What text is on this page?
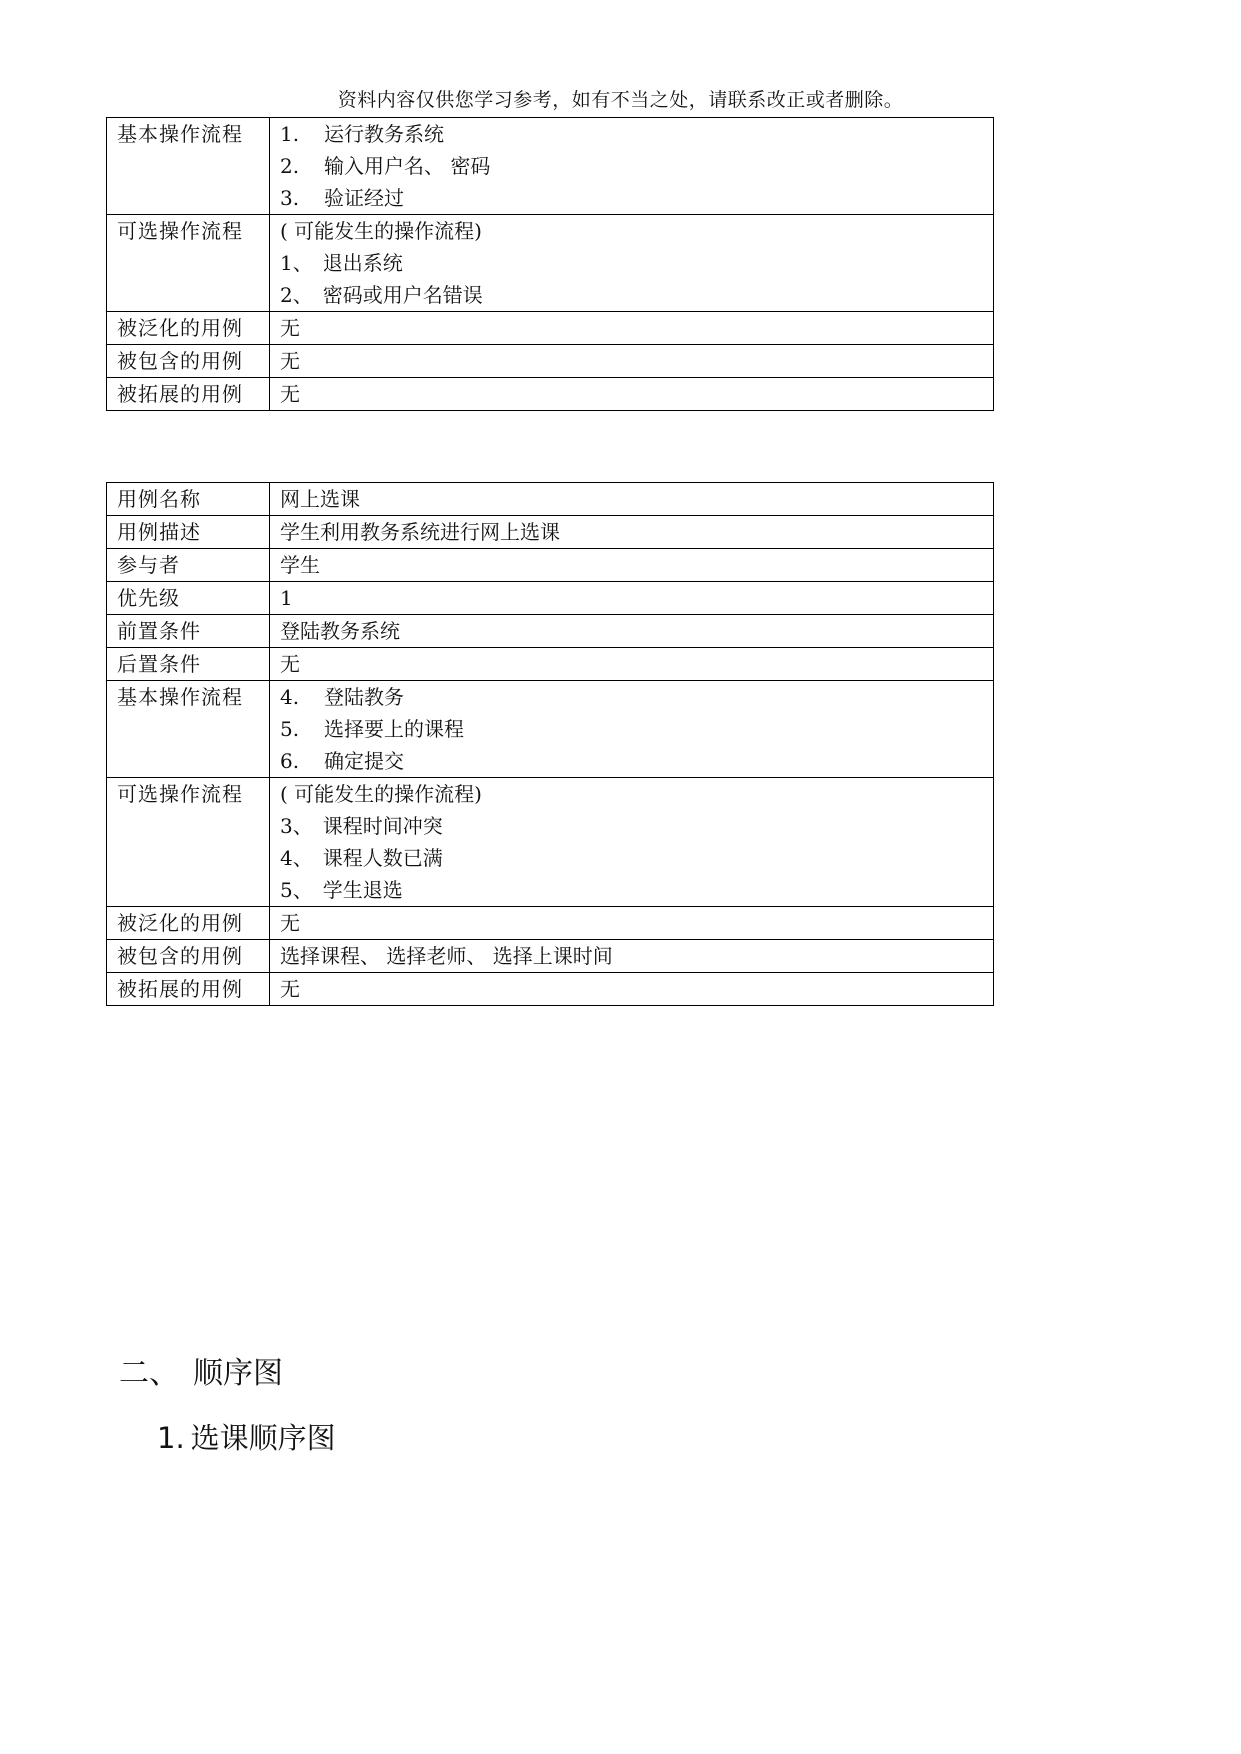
资料内容仅供您学习参考，如有不当之处，请联系改正或者删除。
基本操作流程	1. 运行教务系统
2. 输入用户名、 密码
3. 验证经过

可选操作流程	( 可能发生的操作流程)
1、 退出系统
2、 密码或用户名错误

被泛化的用例	无

被包含的用例	无

被拓展的用例	无
用例名称	网上选课

用例描述	学生利用教务系统进行网上选课

参与者	学生

优先级	1

前置条件	登陆教务系统

后置条件	无

基本操作流程	4. 登陆教务
5. 选择要上的课程
6. 确定提交

可选操作流程	( 可能发生的操作流程)
3、 课程时间冲突
4、 课程人数已满
5、 学生退选

被泛化的用例	无

被包含的用例	选择课程、 选择老师、 选择上课时间

被拓展的用例	无
二、 顺序图
1. 选课顺序图
